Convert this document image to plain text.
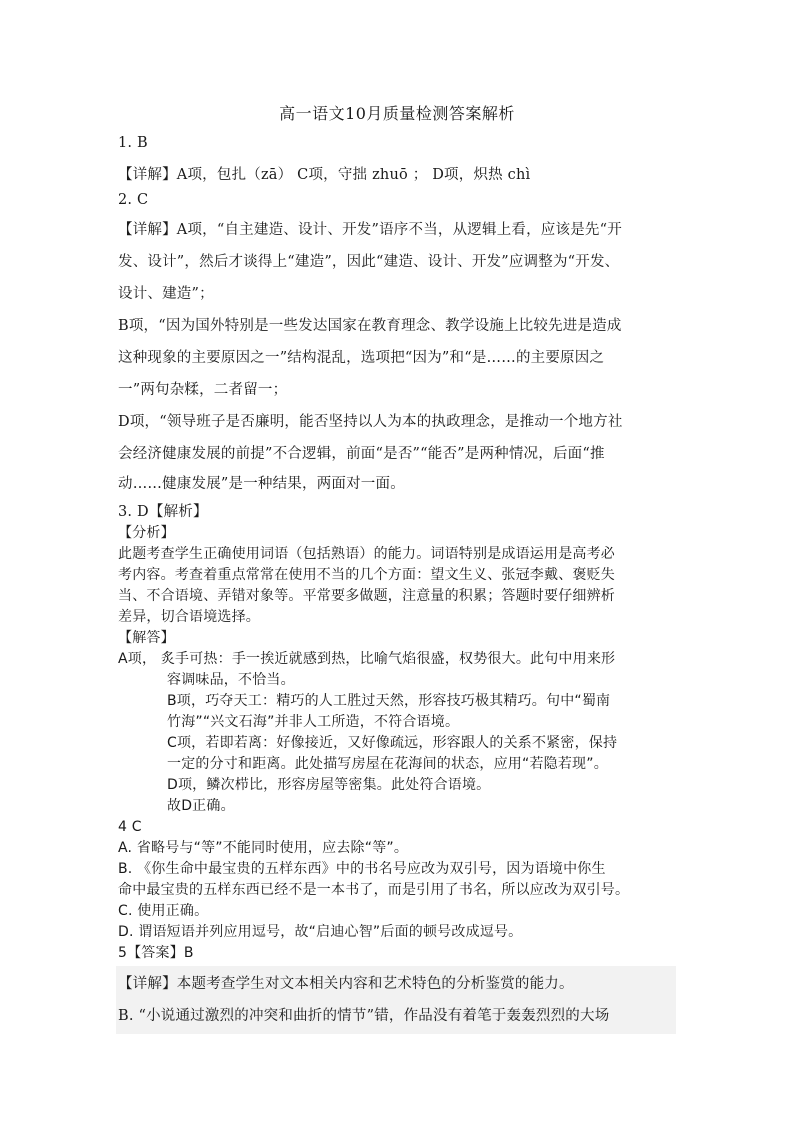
高一语文10月质量检测答案解析
1. B
【详解】A项，包扎（zā） C项，守拙 zhuō ； D项，炽热 chì
2. C
【详解】A项，“自主建造、设计、开发”语序不当，从逻辑上看，应该是先“开
发、设计”，然后才谈得上“建造”，因此“建造、设计、开发”应调整为“开发、
设计、建造”；
B项，“因为国外特别是一些发达国家在教育理念、教学设施上比较先进是造成
这种现象的主要原因之一”结构混乱，选项把“因为”和“是……的主要原因之
一”两句杂糅，二者留一；
D项，“领导班子是否廉明，能否坚持以人为本的执政理念，是推动一个地方社
会经济健康发展的前提”不合逻辑，前面“是否”“能否”是两种情况，后面“推
动……健康发展”是一种结果，两面对一面。
3. D【解析】
【分析】
此题考查学生正确使用词语（包括熟语）的能力。词语特别是成语运用是高考必
考内容。考查着重点常常在使用不当的几个方面：望文生义、张冠李戴、褒贬失
当、不合语境、弄错对象等。平常要多做题，注意量的积累；答题时要仔细辨析
差异，切合语境选择。
【解答】
A项， 炙手可热：手一挨近就感到热，比喻气焰很盛，权势很大。此句中用来形
容调味品，不恰当。
B项，巧夺天工：精巧的人工胜过天然，形容技巧极其精巧。句中“蜀南
竹海”“兴文石海”并非人工所造，不符合语境。
C项，若即若离：好像接近，又好像疏远，形容跟人的关系不紧密，保持
一定的分寸和距离。此处描写房屋在花海间的状态，应用“若隐若现”。
D项，鳞次栉比，形容房屋等密集。此处符合语境。
故D正确。
4 C
A. 省略号与“等”不能同时使用，应去除“等”。
B. 《你生命中最宝贵的五样东西》中的书名号应改为双引号，因为语境中你生
命中最宝贵的五样东西已经不是一本书了，而是引用了书名，所以应改为双引号。
C. 使用正确。
D. 谓语短语并列应用逗号，故“启迪心智”后面的顿号改成逗号。
5【答案】B
【详解】本题考查学生对文本相关内容和艺术特色的分析鉴赏的能力。
B. “小说通过激烈的冲突和曲折的情节”错，作品没有着笔于轰轰烈烈的大场
